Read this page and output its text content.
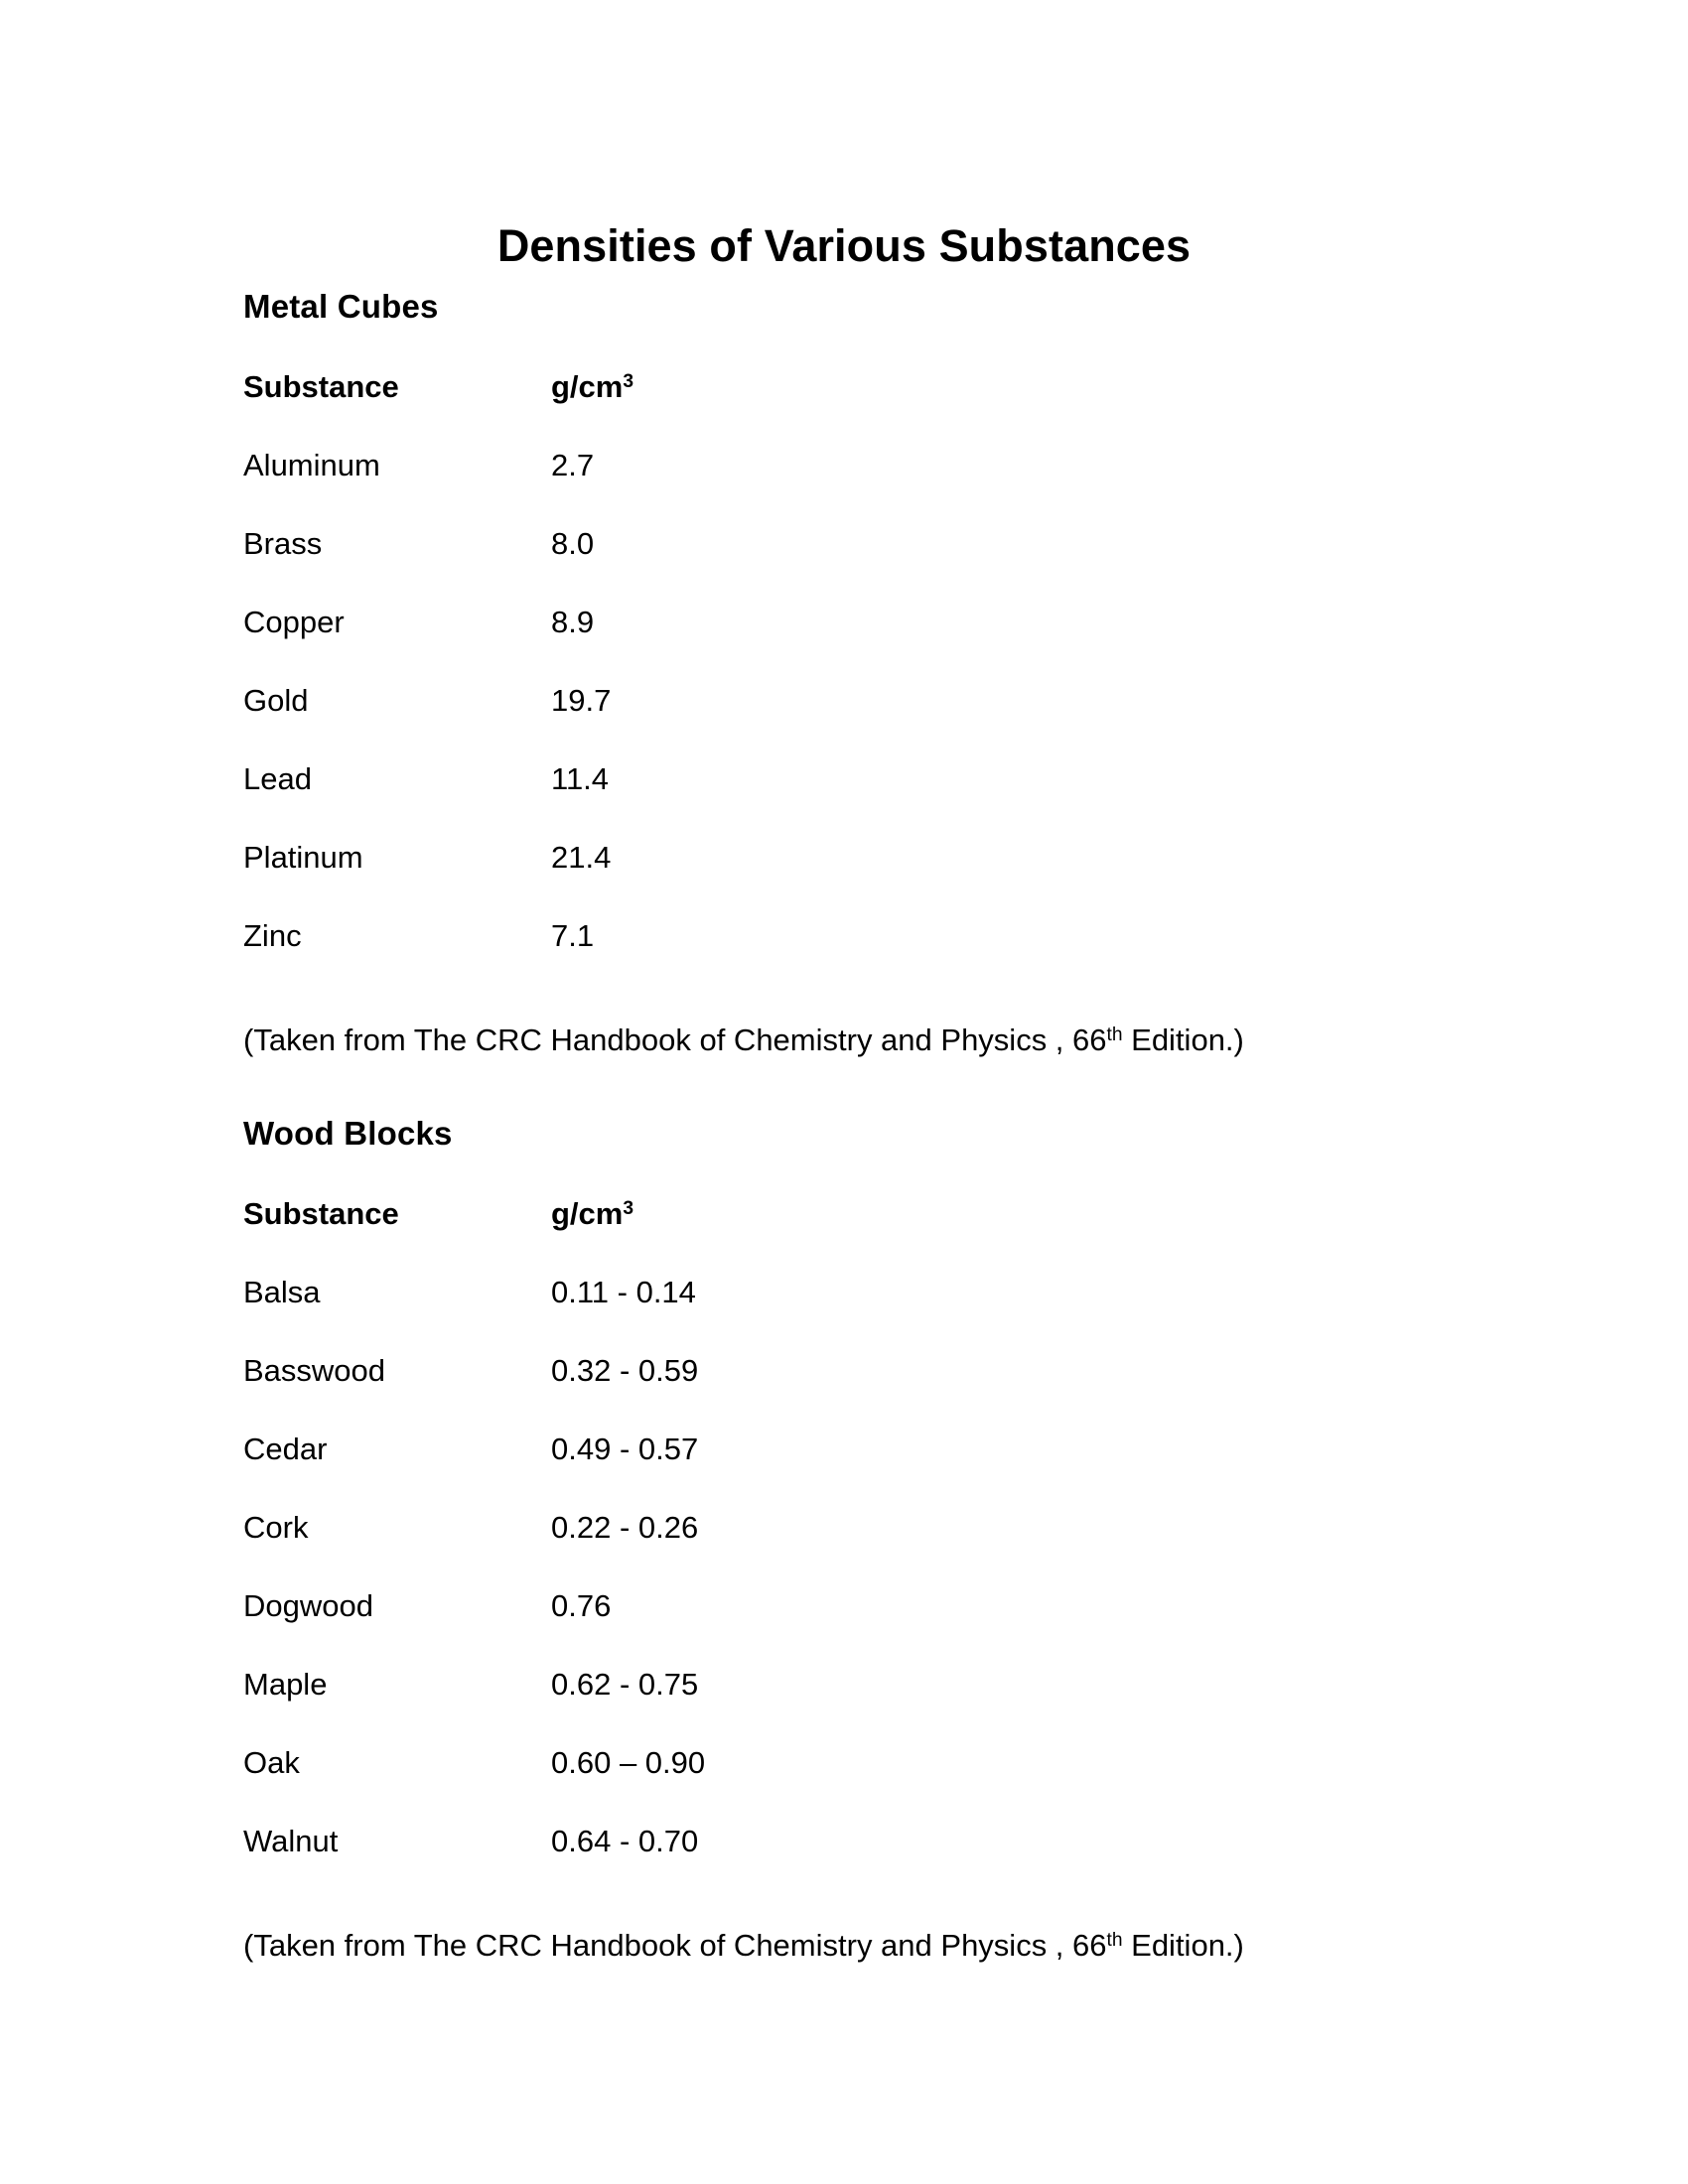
Densities of Various Substances
Metal Cubes
Substance	$g/cm^3$
Aluminum	2.7
Brass	8.0
Copper	8.9
Gold	19.7
Lead	11.4
Platinum	21.4
Zinc	7.1

(Taken from The CRC Handbook of Chemistry and Physics , 66th Edition.)

Wood Blocks
Substance	$g/cm^3$
Balsa	0.11 - 0.14
Basswood	0.32 - 0.59
Cedar	0.49 - 0.57
Cork	0.22 - 0.26
Dogwood	0.76
Maple	0.62 - 0.75
Oak	0.60 – 0.90
Walnut	0.64 - 0.70

(Taken from The CRC Handbook of Chemistry and Physics , 66th Edition.)
